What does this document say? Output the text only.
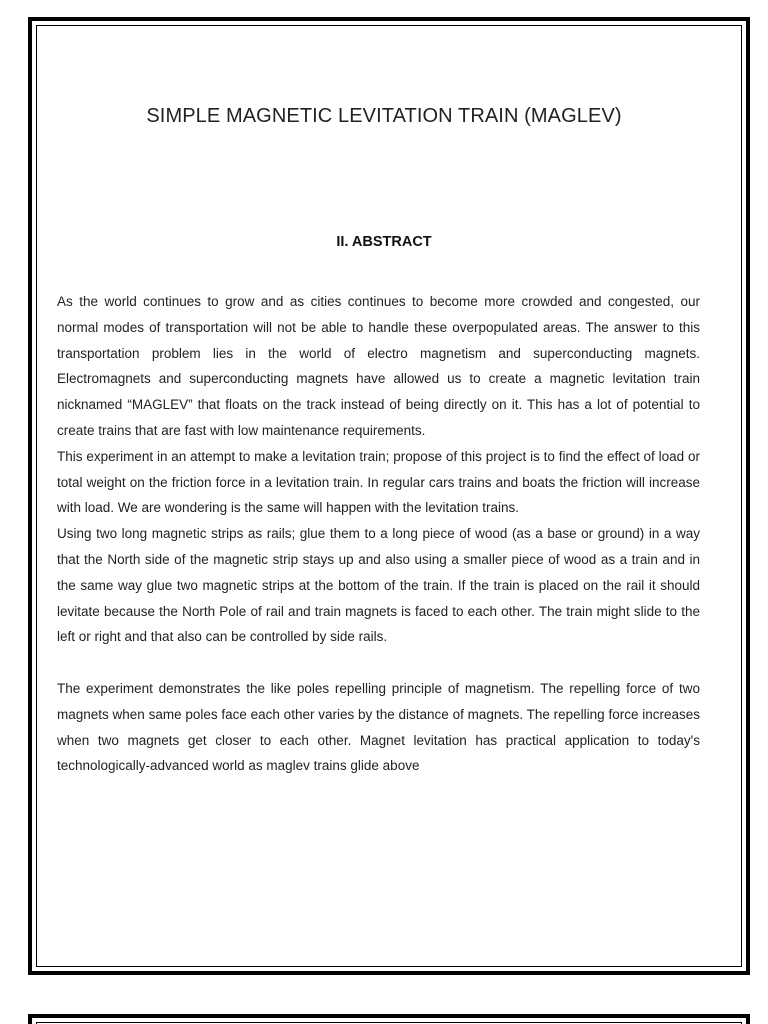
SIMPLE MAGNETIC LEVITATION TRAIN (MAGLEV)
II. ABSTRACT

As the world continues to grow and as cities continues to become more crowded and congested, our normal modes of transportation will not be able to handle these overpopulated areas. The answer to this transportation problem lies in the world of electro magnetism and superconducting magnets. Electromagnets and superconducting magnets have allowed us to create a magnetic levitation train nicknamed “MAGLEV” that floats on the track instead of being directly on it. This has a lot of potential to create trains that are fast with low maintenance requirements.

This experiment in an attempt to make a levitation train; propose of this project is to find the effect of load or total weight on the friction force in a levitation train. In regular cars trains and boats the friction will increase with load. We are wondering is the same will happen with the levitation trains.

Using two long magnetic strips as rails; glue them to a long piece of wood (as a base or ground) in a way that the North side of the magnetic strip stays up and also using a smaller piece of wood as a train and in the same way glue two magnetic strips at the bottom of the train. If the train is placed on the rail it should levitate because the North Pole of rail and train magnets is faced to each other. The train might slide to the left or right and that also can be controlled by side rails.

The experiment demonstrates the like poles repelling principle of magnetism. The repelling force of two magnets when same poles face each other varies by the distance of magnets. The repelling force increases when two magnets get closer to each other. Magnet levitation has practical application to today's technologically-advanced world as maglev trains glide above
